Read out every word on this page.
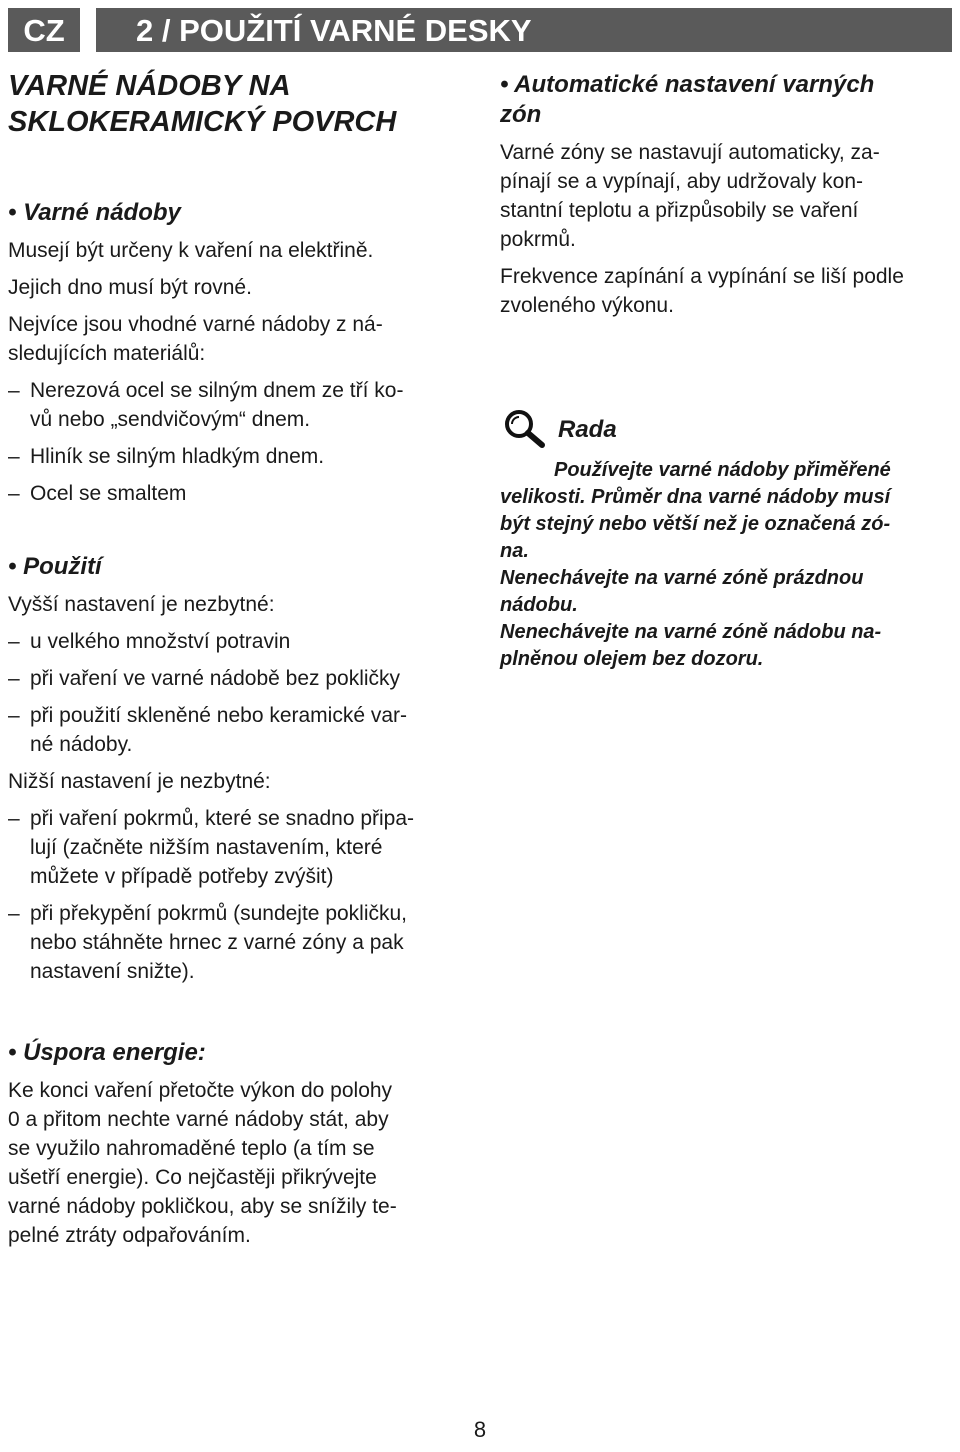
CZ	2 / POUŽITÍ VARNÉ DESKY

VARNÉ NÁDOBY NA

SKLOKERAMICKÝ POVRCH

• Varné nádoby

Musejí být určeny k vaření na elektřině.

Jejich dno musí být rovné.

Nejvíce jsou vhodné varné nádoby z ná-

sledujících materiálů:

– Nerezová ocel se silným dnem ze tří ko-

vů nebo „sendvičovým“ dnem.

– Hliník se silným hladkým dnem.

– Ocel se smaltem

• Použití

Vyšší nastavení je nezbytné:

– u velkého množství potravin

– při vaření ve varné nádobě bez pokličky

– při použití skleněné nebo keramické var-

né nádoby.

Nižší nastavení je nezbytné:

– při vaření pokrmů, které se snadno připa-

lují (začněte nižším nastavením, které

můžete v případě potřeby zvýšit)

– při překypění pokrmů (sundejte pokličku,

nebo stáhněte hrnec z varné zóny a pak

nastavení snižte).

• Úspora energie:

Ke konci vaření přetočte výkon do polohy

0 a přitom nechte varné nádoby stát, aby

se využilo nahromaděné teplo (a tím se

ušetří energie). Co nejčastěji přikrývejte

varné nádoby pokličkou, aby se snížily te-

pelné ztráty odpařováním.

• Automatické nastavení varných

zón

Varné zóny se nastavují automaticky, za-

pínají se a vypínají, aby udržovaly kon-

stantní teplotu a přizpůsobily se vaření

pokrmů.

Frekvence zapínání a vypínání se liší podle

zvoleného výkonu.

Rada

Používejte varné nádoby přiměřené

velikosti. Průměr dna varné nádoby musí

být stejný nebo větší než je označená zó-

na.

Nenechávejte na varné zóně prázdnou

nádobu.

Nenechávejte na varné zóně nádobu na-

plněnou olejem bez dozoru.

8
